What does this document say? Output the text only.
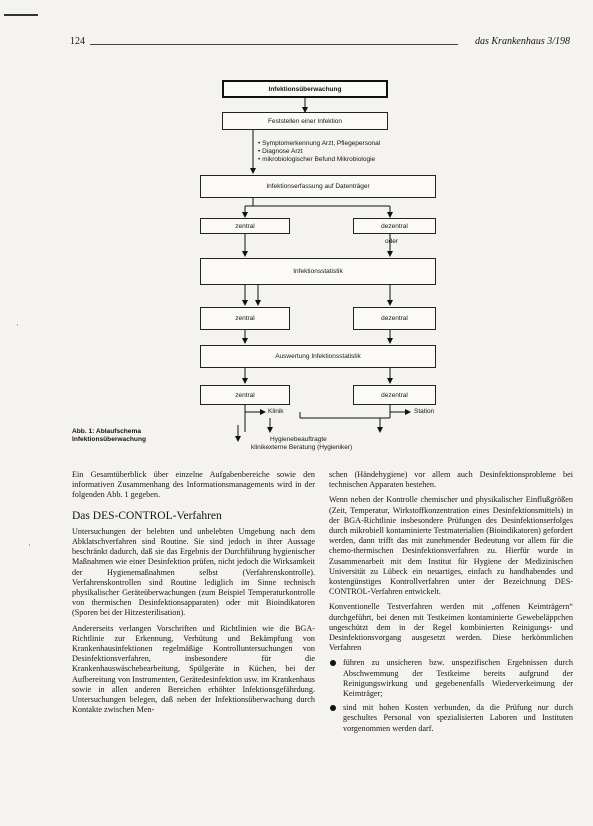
124	das Krankenhaus 3/198
Infektionsüberwachung
Feststellen einer Infektion
• Symptomerkennung Arzt, Pflegepersonal
• Diagnose Arzt
• mikrobiologischer Befund Mikrobiologie
Infektionserfassung auf Datenträger
zentral	dezentral
oder
Infektionsstatistik
zentral	dezentral
Auswertung Infektionsstatistik
zentral	dezentral
Klinik	Station
Hygienebeauftragte
klinikexterne Beratung (Hygieniker)
Abb. 1: Ablaufschema
Infektionsüberwachung

Ein Gesamtüberblick über einzelne Aufgabenbereiche sowie den informativen Zusammenhang des Informationsmanagements wird in der folgenden Abb. 1 gegeben.

Das DES-CONTROL-Verfahren

Untersuchungen der belebten und unbelebten Umgebung nach dem Abklatschverfahren sind Routine. Sie sind jedoch in ihrer Aussage beschränkt dadurch, daß sie das Ergebnis der Durchführung hygienischer Maßnahmen wie einer Desinfektion prüfen, nicht jedoch die Wirksamkeit der Hygienemaßnahmen selbst (Verfahrenskontrolle). Verfahrenskontrollen sind Routine lediglich im Sinne technisch physikalischer Geräteüberwachungen (zum Beispiel Temperaturkontrolle von thermischen Desinfektionsapparaten) oder mit Bioindikatoren (Sporen bei der Hitzesterilisation).

Andererseits verlangen Vorschriften und Richtlinien wie die BGA-Richtlinie zur Erkennung, Verhütung und Bekämpfung von Krankenhausinfektionen regelmäßige Kontrolluntersuchungen von Desinfektionsverfahren, insbesondere für die Krankenhauswäschebearbeitung, Spülgeräte in Küchen, bei der Aufbereitung von Instrumenten, Gerätedesinfektion usw. im Krankenhaus sowie in allen anderen Bereichen erhöhter Infektionsgefährdung. Untersuchungen belegen, daß neben der Infektionsüberwachung durch Kontakte zwischen Men-

schen (Händehygiene) vor allem auch Desinfektionsprobleme bei technischen Apparaten bestehen.

Wenn neben der Kontrolle chemischer und physikalischer Einflußgrößen (Zeit, Temperatur, Wirkstoffkonzentration eines Desinfektionsmittels) in der BGA-Richtlinie insbesondere Prüfungen des Desinfektionserfolges durch mikrobiell kontaminierte Testmaterialien (Bioindikatoren) gefordert werden, dann trifft das mit zunehmender Bedeutung vor allem für die chemo-thermischen Desinfektionsverfahren zu. Hierfür wurde in Zusammenarbeit mit dem Institut für Hygiene der Medizinischen Universität zu Lübeck ein neuartiges, einfach zu handhabendes und kostengünstiges Kontrollverfahren unter der Bezeichnung DES-CONTROL-Verfahren entwickelt.

Konventionelle Testverfahren werden mit „offenen Keimträgern“ durchgeführt, bei denen mit Testkeimen kontaminierte Gewebeläppchen ungeschützt dem in der Regel kombinierten Reinigungs- und Desinfektionsvorgang ausgesetzt werden. Diese herkömmlichen Verfahren

führen zu unsicheren bzw. unspezifischen Ergebnissen durch Abschwemmung der Testkeime bereits aufgrund der Reinigungswirkung und gegebenenfalls Wiederverkeimung der Keimträger;
sind mit hohen Kosten verbunden, da die Prüfung nur durch geschultes Personal von spezialisierten Laboren und Instituten vorgenommen werden darf.
·
·
